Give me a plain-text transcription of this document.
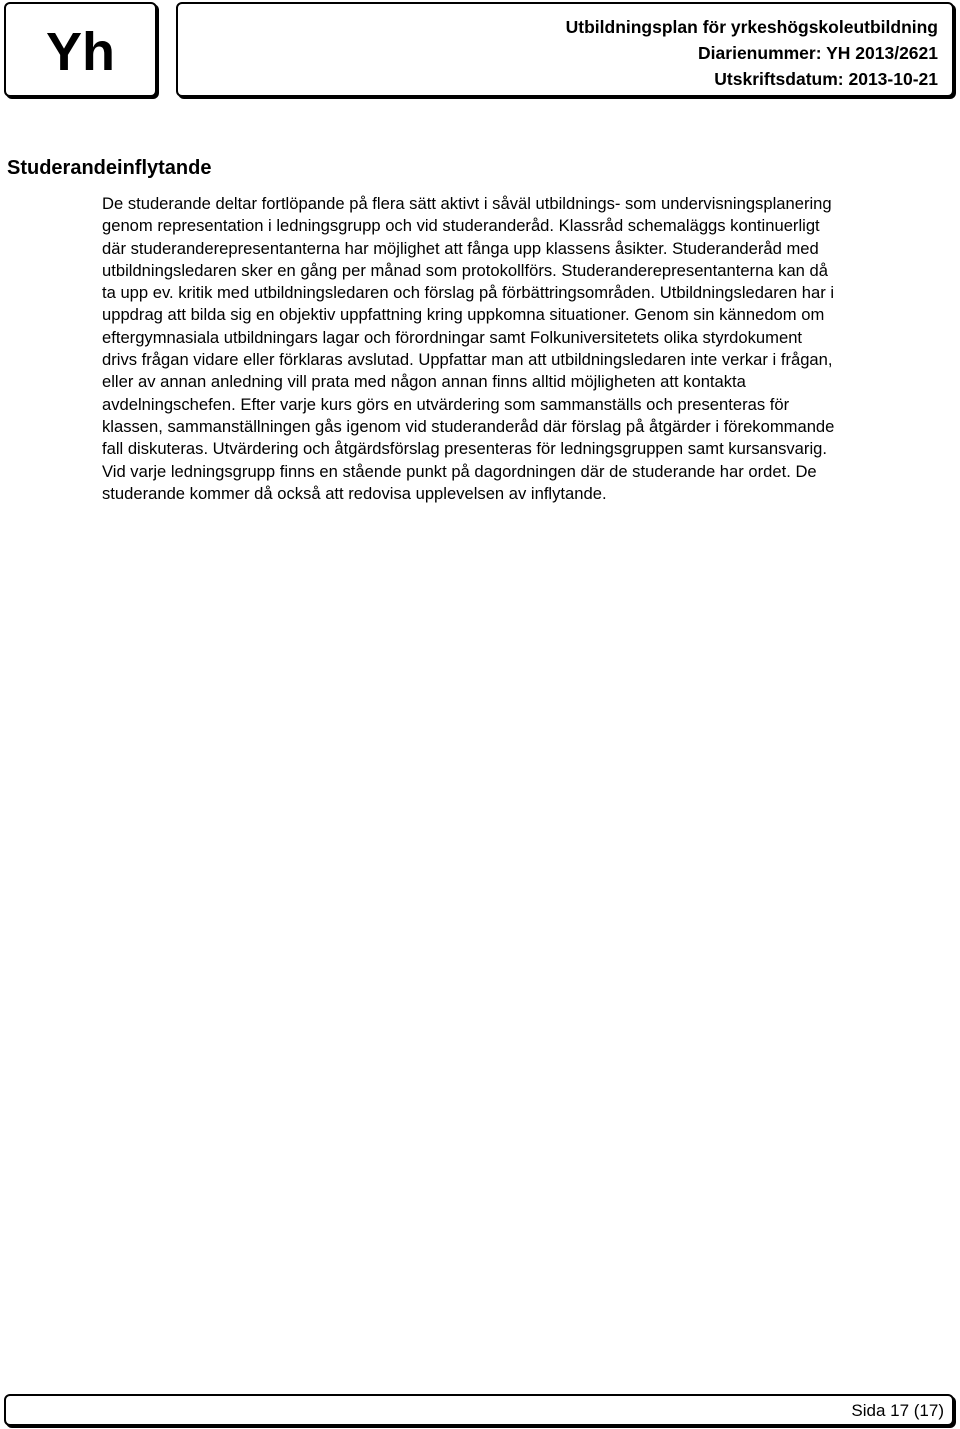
Yh	Utbildningsplan för yrkeshögskoleutbildning
Diarienummer: YH 2013/2621
Utskriftsdatum: 2013-10-21
Studerandeinflytande

De studerande deltar fortlöpande på flera sätt aktivt i såväl utbildnings- som undervisningsplanering
genom representation i ledningsgrupp och vid studeranderåd. Klassråd schemaläggs kontinuerligt
där studeranderepresentanterna har möjlighet att fånga upp klassens åsikter. Studeranderåd med
utbildningsledaren sker en gång per månad som protokollförs. Studeranderepresentanterna kan då
ta upp ev. kritik med utbildningsledaren och förslag på förbättringsområden. Utbildningsledaren har i
uppdrag att bilda sig en objektiv uppfattning kring uppkomna situationer. Genom sin kännedom om
eftergymnasiala utbildningars lagar och förordningar samt Folkuniversitetets olika styrdokument
drivs frågan vidare eller förklaras avslutad. Uppfattar man att utbildningsledaren inte verkar i frågan,
eller av annan anledning vill prata med någon annan finns alltid möjligheten att kontakta
avdelningschefen. Efter varje kurs görs en utvärdering som sammanställs och presenteras för
klassen, sammanställningen gås igenom vid studeranderåd där förslag på åtgärder i förekommande
fall diskuteras. Utvärdering och åtgärdsförslag presenteras för ledningsgruppen samt kursansvarig.
Vid varje ledningsgrupp finns en stående punkt på dagordningen där de studerande har ordet. De
studerande kommer då också att redovisa upplevelsen av inflytande.

Sida 17 (17)
